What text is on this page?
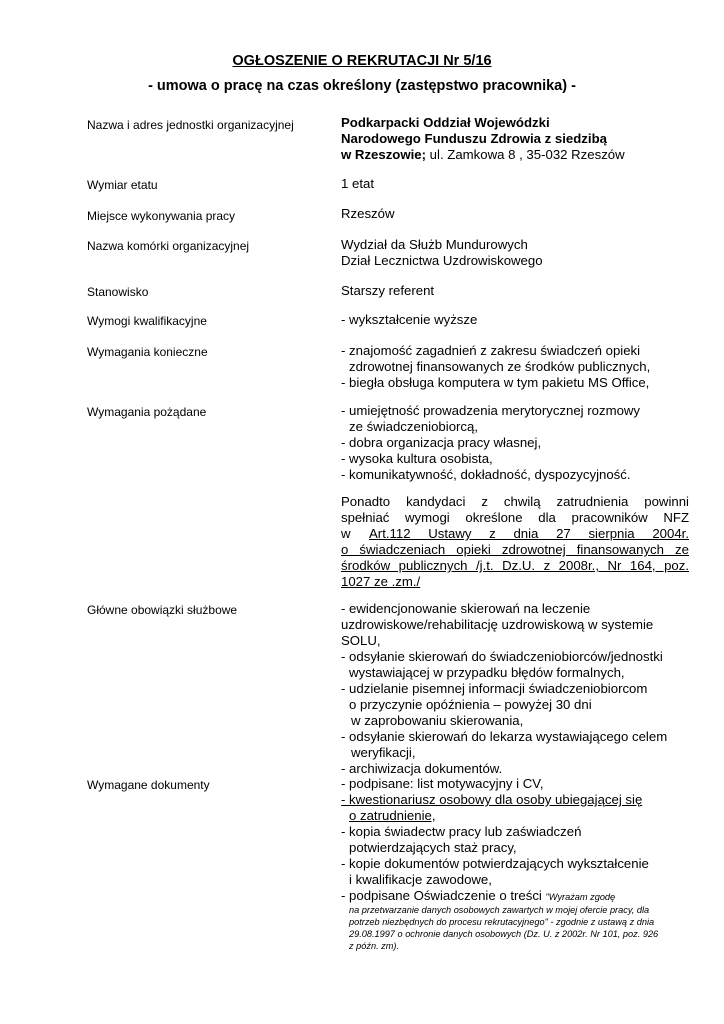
OGŁOSZENIE O REKRUTACJI Nr 5/16
- umowa o pracę na czas określony (zastępstwo pracownika) -
Nazwa i adres jednostki organizacyjnej	Podkarpacki Oddział Wojewódzki
Narodowego Funduszu Zdrowia z siedzibą
w Rzeszowie; ul. Zamkowa 8 , 35-032 Rzeszów
Wymiar etatu	1 etat
Miejsce wykonywania pracy	Rzeszów
Nazwa komórki organizacyjnej	Wydział da Służb Mundurowych
Dział Lecznictwa Uzdrowiskowego
Stanowisko	Starszy referent
Wymogi kwalifikacyjne	- wykształcenie wyższe
Wymagania konieczne	- znajomość zagadnień z zakresu świadczeń opieki
zdrowotnej finansowanych ze środków publicznych,
- biegła obsługa komputera w tym pakietu MS Office,
Wymagania pożądane	- umiejętność prowadzenia merytorycznej rozmowy
ze świadczeniobiorcą,
- dobra organizacja pracy własnej,
- wysoka kultura osobista,
- komunikatywność, dokładność, dyspozycyjność.
Ponadto kandydaci z chwilą zatrudnienia powinni
spełniać wymogi określone dla pracowników NFZ
w Art.112 Ustawy z dnia 27 sierpnia 2004r.
o świadczeniach opieki zdrowotnej finansowanych ze
środków publicznych /j.t. Dz.U. z 2008r., Nr 164, poz.
1027 ze .zm./
Główne obowiązki służbowe	- ewidencjonowanie skierowań na leczenie
uzdrowiskowe/rehabilitację uzdrowiskową w systemie
SOLU,
- odsyłanie skierowań do świadczeniobiorców/jednostki
wystawiającej w przypadku błędów formalnych,
- udzielanie pisemnej informacji świadczeniobiorcom
o przyczynie opóźnienia – powyżej 30 dni
w zaprobowaniu skierowania,
- odsyłanie skierowań do lekarza wystawiającego celem
weryfikacji,
- archiwizacja dokumentów.
Wymagane dokumenty	- podpisane: list motywacyjny i CV,
- kwestionariusz osobowy dla osoby ubiegającej się
o zatrudnienie,
- kopia świadectw pracy lub zaświadczeń
potwierdzających staż pracy,
- kopie dokumentów potwierdzających wykształcenie
i kwalifikacje zawodowe,
- podpisane Oświadczenie o treści "Wyrażam zgodę
na przetwarzanie danych osobowych zawartych w mojej ofercie pracy, dla
potrzeb niezbędnych do procesu rekrutacyjnego" - zgodnie z ustawą z dnia
29.08.1997 o ochronie danych osobowych (Dz. U. z 2002r. Nr 101, poz. 926
z późn. zm).
